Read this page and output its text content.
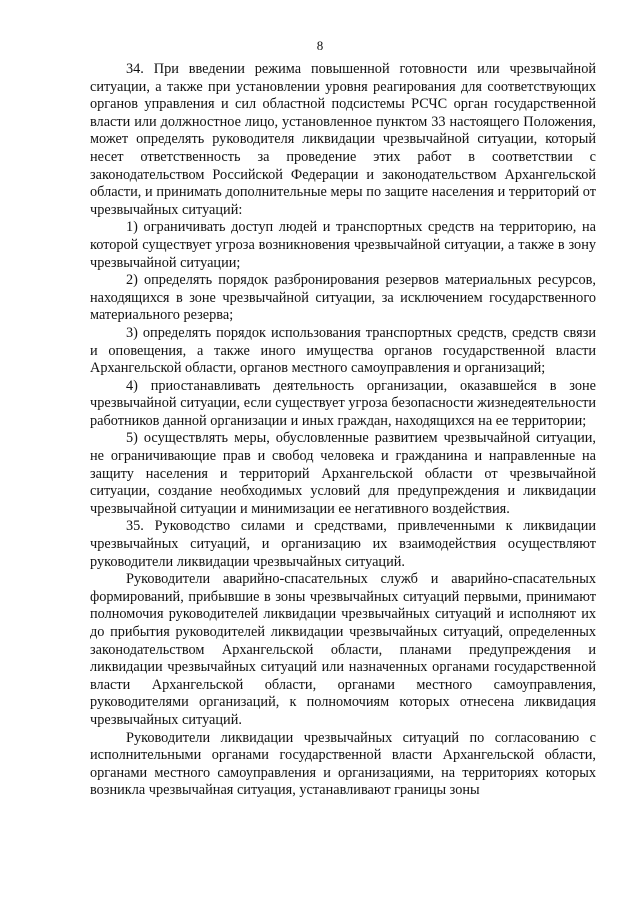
8

34. При введении режима повышенной готовности или чрезвычайной ситуации, а также при установлении уровня реагирования для соответствующих органов управления и сил областной подсистемы РСЧС орган государственной власти или должностное лицо, установленное пунктом 33 настоящего Положения, может определять руководителя ликвидации чрезвычайной ситуации, который несет ответственность за проведение этих работ в соответствии с законодательством Российской Федерации и законодательством Архангельской области, и принимать дополнительные меры по защите населения и территорий от чрезвычайных ситуаций:

1) ограничивать доступ людей и транспортных средств на территорию, на которой существует угроза возникновения чрезвычайной ситуации, а также в зону чрезвычайной ситуации;

2) определять порядок разбронирования резервов материальных ресурсов, находящихся в зоне чрезвычайной ситуации, за исключением государственного материального резерва;

3) определять порядок использования транспортных средств, средств связи и оповещения, а также иного имущества органов государственной власти Архангельской области, органов местного самоуправления и организаций;

4) приостанавливать деятельность организации, оказавшейся в зоне чрезвычайной ситуации, если существует угроза безопасности жизнедеятельности работников данной организации и иных граждан, находящихся на ее территории;

5) осуществлять меры, обусловленные развитием чрезвычайной ситуации, не ограничивающие прав и свобод человека и гражданина и направленные на защиту населения и территорий Архангельской области от чрезвычайной ситуации, создание необходимых условий для предупреждения и ликвидации чрезвычайной ситуации и минимизации ее негативного воздействия.

35. Руководство силами и средствами, привлеченными к ликвидации чрезвычайных ситуаций, и организацию их взаимодействия осуществляют руководители ликвидации чрезвычайных ситуаций.

Руководители аварийно-спасательных служб и аварийно-спасательных формирований, прибывшие в зоны чрезвычайных ситуаций первыми, принимают полномочия руководителей ликвидации чрезвычайных ситуаций и исполняют их до прибытия руководителей ликвидации чрезвычайных ситуаций, определенных законодательством Архангельской области, планами предупреждения и ликвидации чрезвычайных ситуаций или назначенных органами государственной власти Архангельской области, органами местного самоуправления, руководителями организаций, к полномочиям которых отнесена ликвидация чрезвычайных ситуаций.

Руководители ликвидации чрезвычайных ситуаций по согласованию с исполнительными органами государственной власти Архангельской области, органами местного самоуправления и организациями, на территориях которых возникла чрезвычайная ситуация, устанавливают границы зоны
